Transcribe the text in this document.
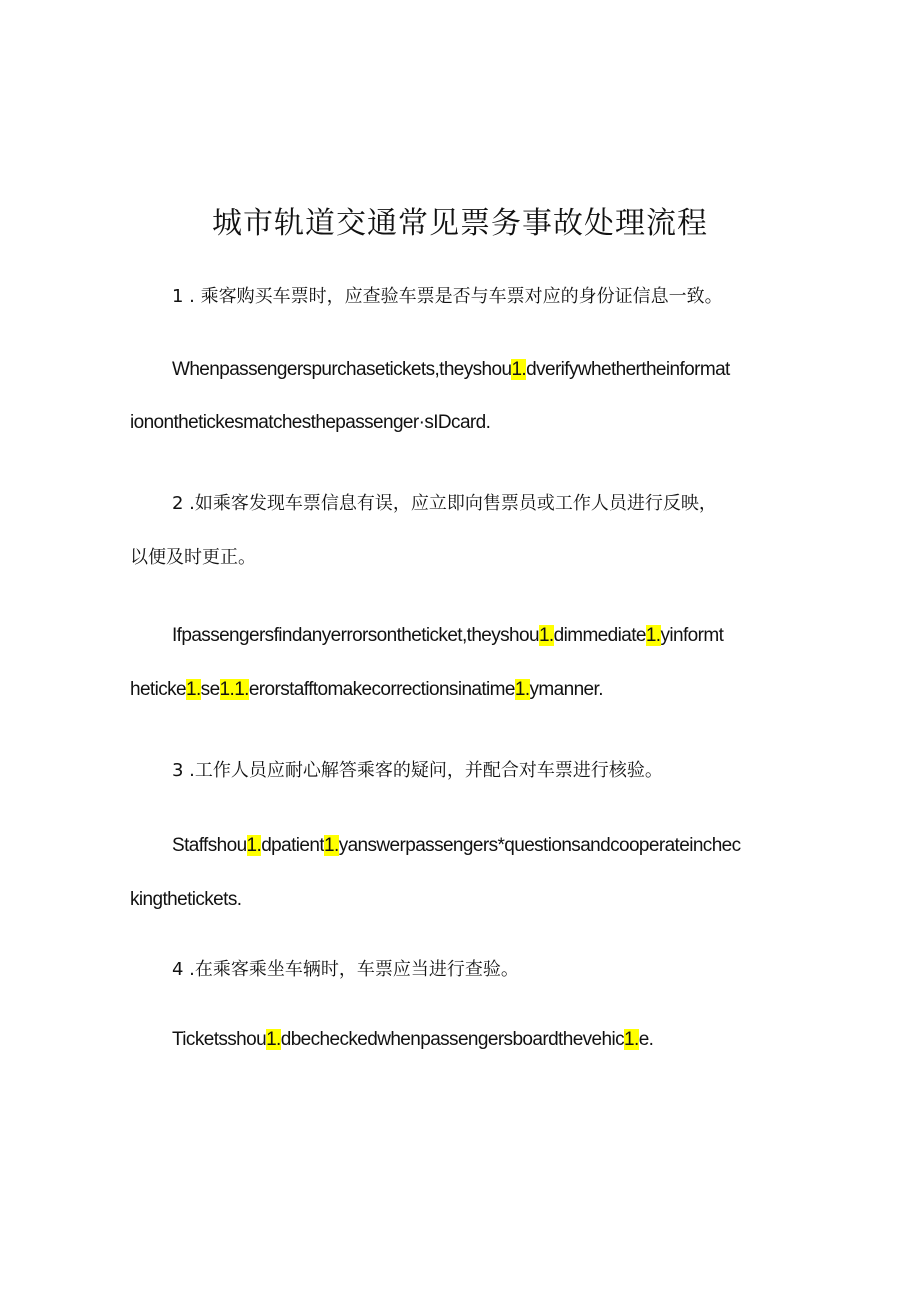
城市轨道交通常见票务事故处理流程
1 . 乘客购买车票时，应查验车票是否与车票对应的身份证信息一致。
Whenpassengerspurchasetickets,theyshou1.dverifywhethertheinformat
iononthetickesmatchesthepassenger·sIDcard.
2 .如乘客发现车票信息有误，应立即向售票员或工作人员进行反映，
以便及时更正。
Ifpassengersfindanyerrorsontheticket,theyshou1.dimmediate1.yinformt
heticke1.se1.1.erorstafftomakecorrectionsinatime1.ymanner.
3 .工作人员应耐心解答乘客的疑问，并配合对车票进行核验。
Staffshou1.dpatient1.yanswerpassengers*questionsandcooperateinchec
kingthetickets.
4 .在乘客乘坐车辆时，车票应当进行查验。
Ticketsshou1.dbecheckedwhenpassengersboardthevehic1.e.
